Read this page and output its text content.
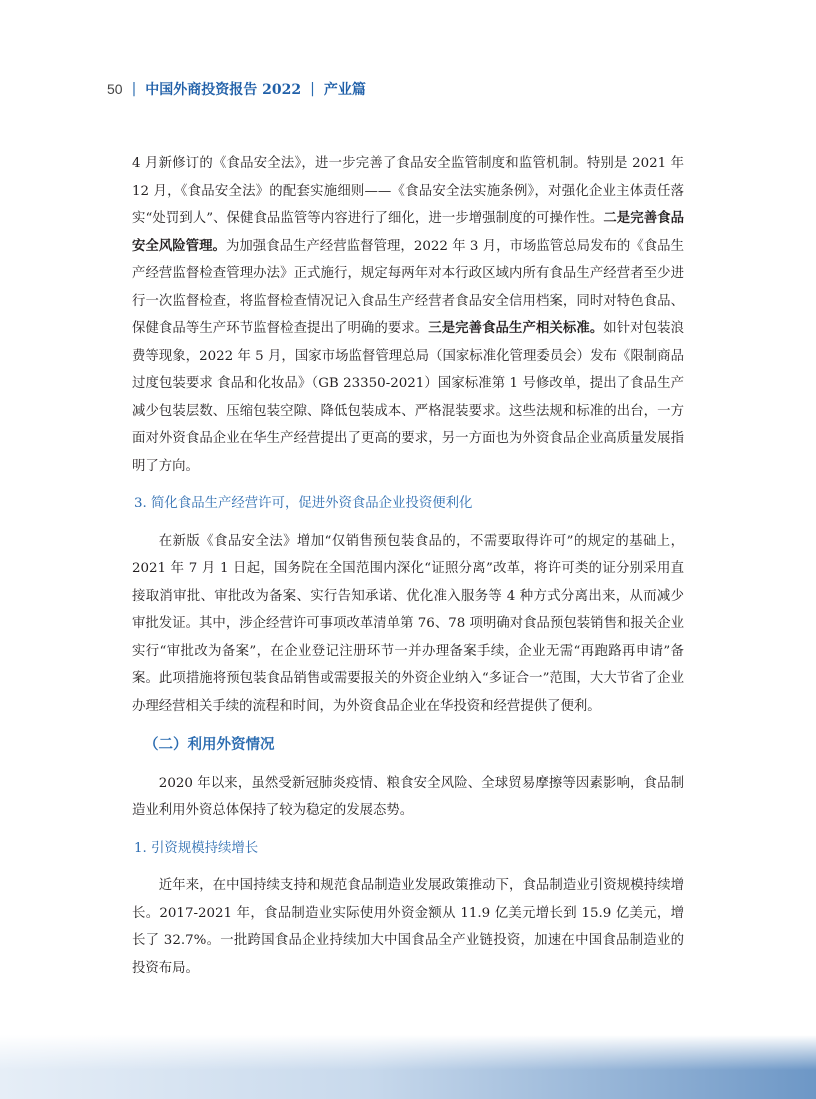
50 | 中国外商投资报告 2022 | 产业篇

4 月新修订的《食品安全法》，进一步完善了食品安全监管制度和监管机制。特别是 2021 年 12 月，《食品安全法》的配套实施细则——《食品安全法实施条例》，对强化企业主体责任落实“处罚到人”、保健食品监管等内容进行了细化，进一步增强制度的可操作性。二是完善食品安全风险管理。为加强食品生产经营监督管理，2022 年 3 月，市场监管总局发布的《食品生产经营监督检查管理办法》正式施行，规定每两年对本行政区域内所有食品生产经营者至少进行一次监督检查，将监督检查情况记入食品生产经营者食品安全信用档案，同时对特色食品、保健食品等生产环节监督检查提出了明确的要求。三是完善食品生产相关标准。如针对包装浪费等现象，2022 年 5 月，国家市场监督管理总局（国家标准化管理委员会）发布《限制商品过度包装要求 食品和化妆品》（GB 23350-2021）国家标准第 1 号修改单，提出了食品生产减少包装层数、压缩包装空隙、降低包装成本、严格混装要求。这些法规和标准的出台，一方面对外资食品企业在华生产经营提出了更高的要求，另一方面也为外资食品企业高质量发展指明了方向。

3. 简化食品生产经营许可，促进外资食品企业投资便利化

在新版《食品安全法》增加“仅销售预包装食品的，不需要取得许可”的规定的基础上，2021 年 7 月 1 日起，国务院在全国范围内深化“证照分离”改革，将许可类的证分别采用直接取消审批、审批改为备案、实行告知承诺、优化准入服务等 4 种方式分离出来，从而减少审批发证。其中，涉企经营许可事项改革清单第 76、78 项明确对食品预包装销售和报关企业实行“审批改为备案”，在企业登记注册环节一并办理备案手续，企业无需“再跑路再申请”备案。此项措施将预包装食品销售或需要报关的外资企业纳入“多证合一”范围，大大节省了企业办理经营相关手续的流程和时间，为外资食品企业在华投资和经营提供了便利。

（二）利用外资情况

2020 年以来，虽然受新冠肺炎疫情、粮食安全风险、全球贸易摩擦等因素影响，食品制造业利用外资总体保持了较为稳定的发展态势。

1. 引资规模持续增长

近年来，在中国持续支持和规范食品制造业发展政策推动下，食品制造业引资规模持续增长。2017-2021 年，食品制造业实际使用外资金额从 11.9 亿美元增长到 15.9 亿美元，增长了 32.7%。一批跨国食品企业持续加大中国食品全产业链投资，加速在中国食品制造业的投资布局。
